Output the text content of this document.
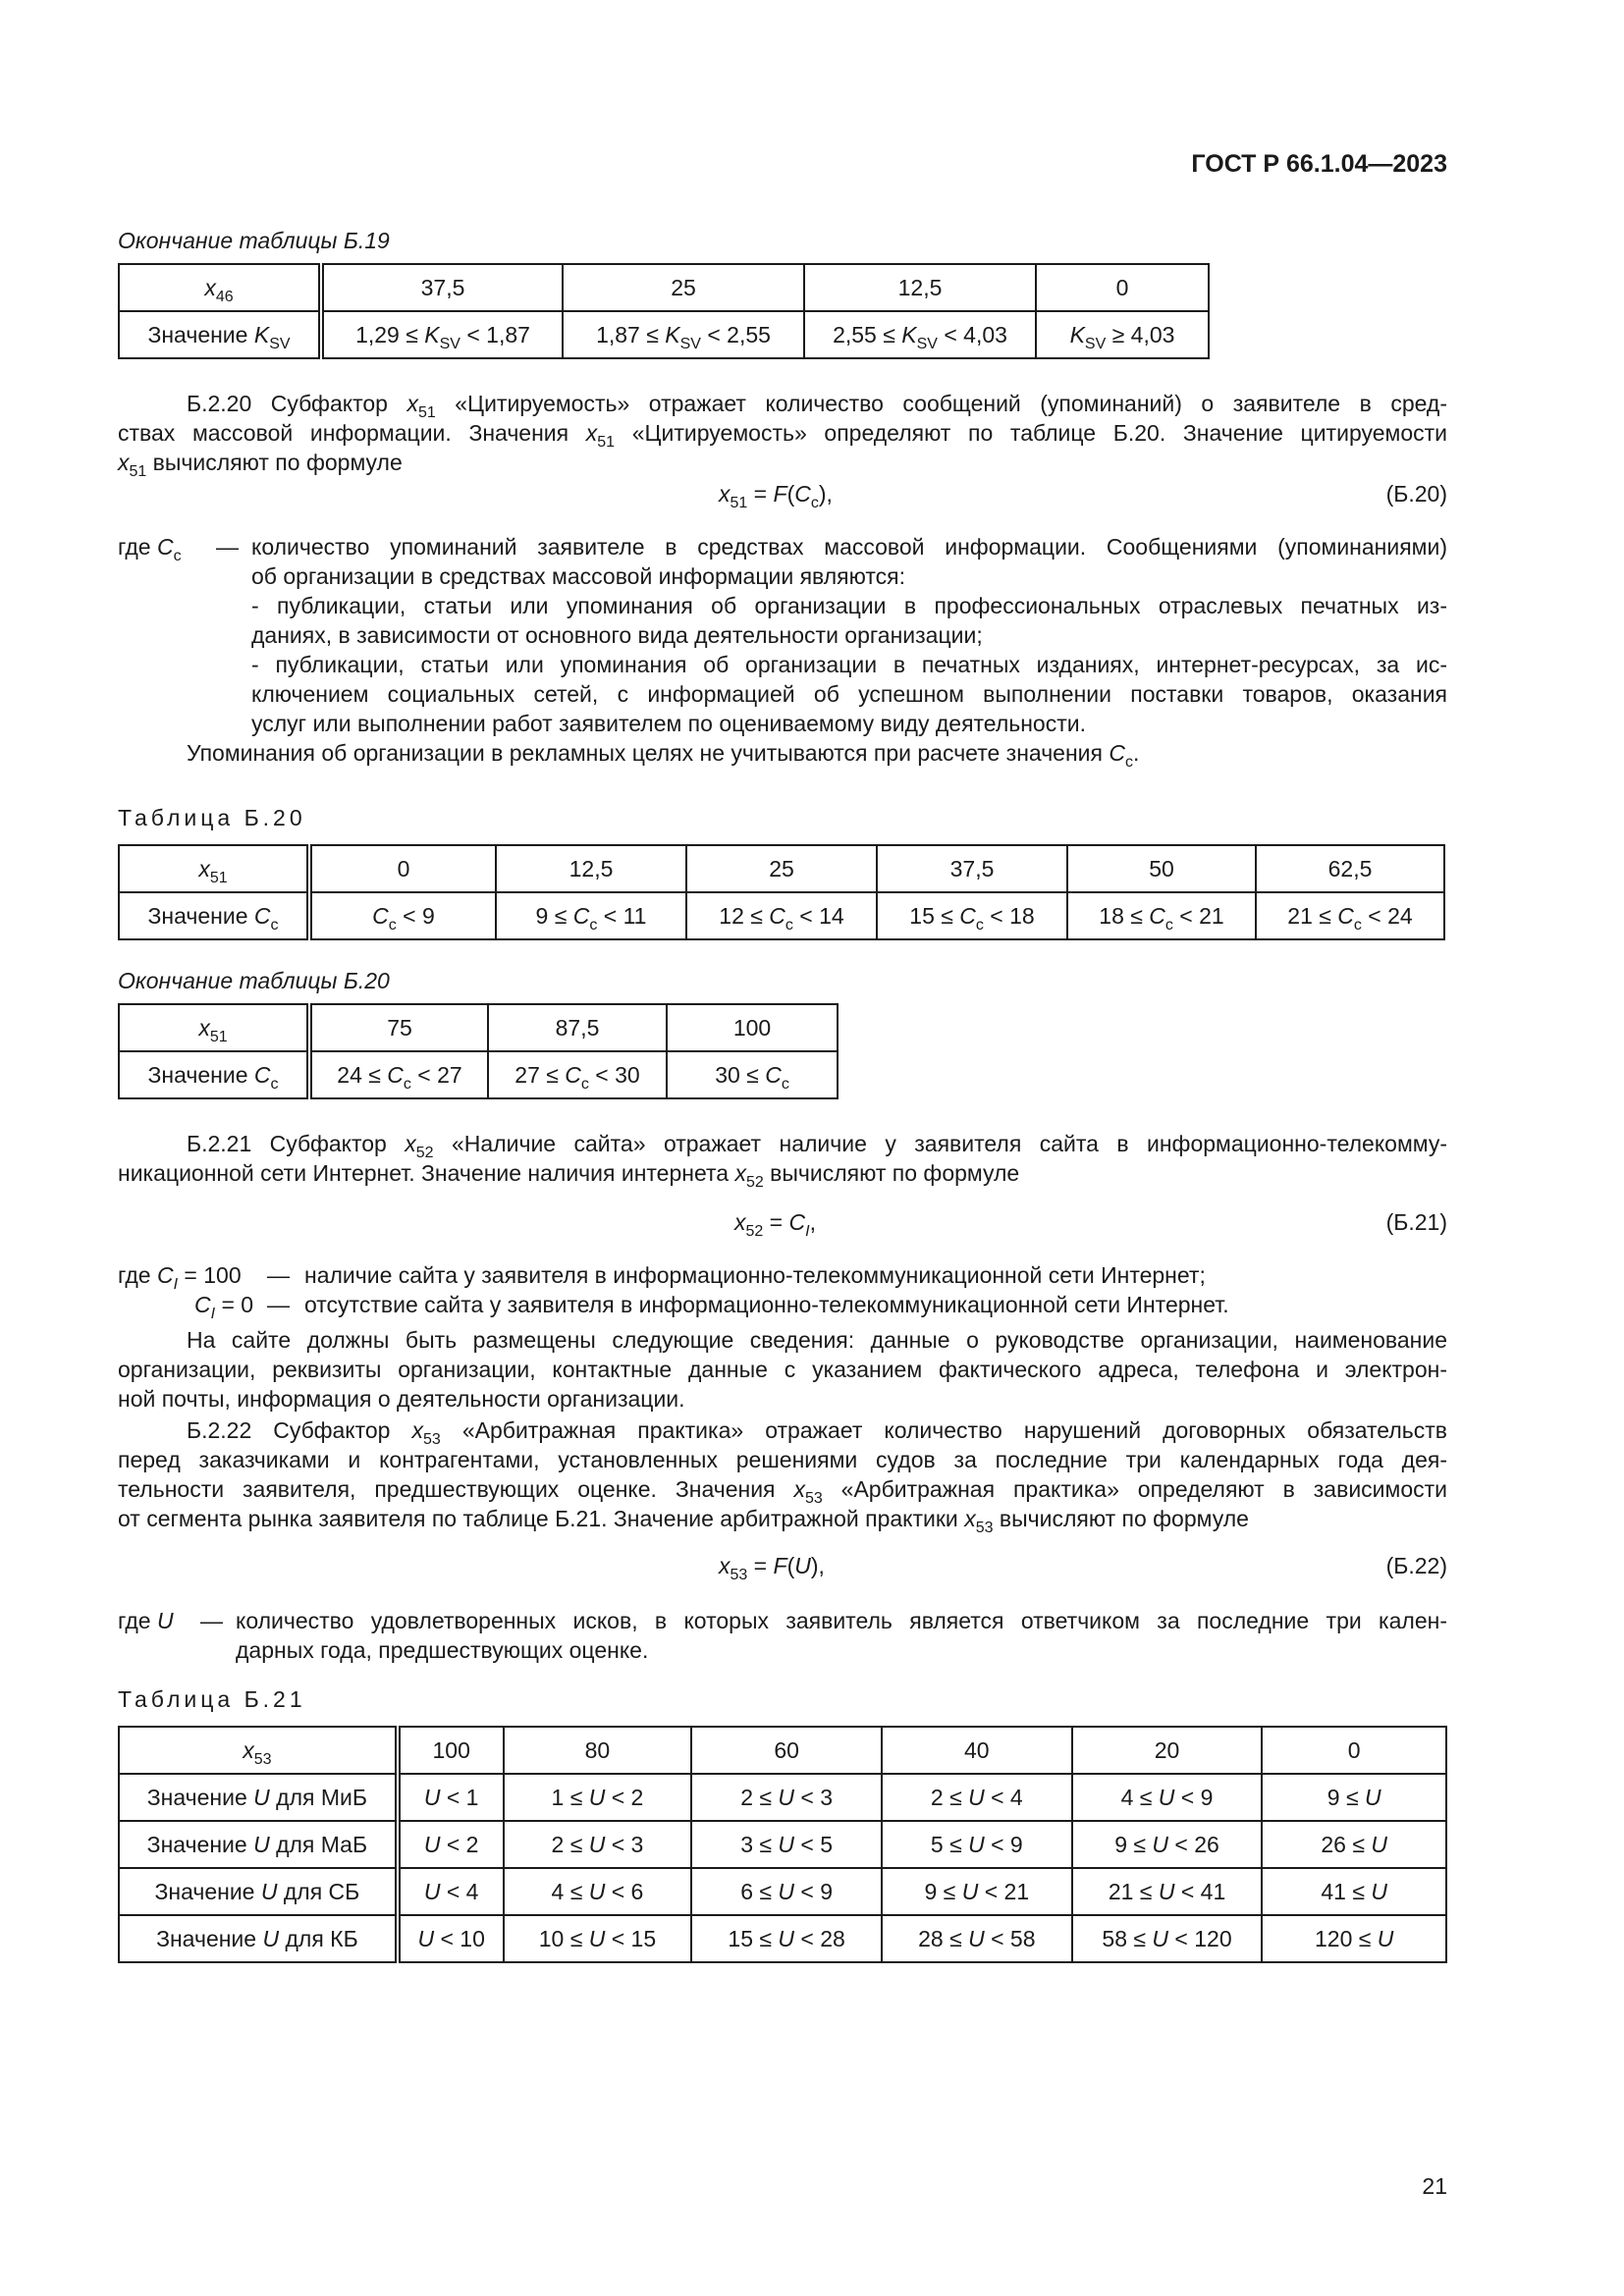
ГОСТ Р 66.1.04—2023
Окончание таблицы Б.19
$x_{46}$	37,5	25	12,5	0
Значение $K_{SV}$	$1,29 \le K_{SV} < 1,87$	$1,87 \le K_{SV} < 2,55$	$2,55 \le K_{SV} < 4,03$	$K_{SV} \ge 4,03$
Б.2.20 Субфактор $x_{51}$ «Цитируемость» отражает количество сообщений (упоминаний) о заявителе в сред-
ствах массовой информации. Значения $x_{51}$ «Цитируемость» определяют по таблице Б.20. Значение цитируемости
$x_{51}$ вычисляют по формуле
$x_{51} = F(C_c)$,	(Б.20)
где $C_c$ — количество упоминаний заявителе в средствах массовой информации. Сообщениями (упоминаниями)
об организации в средствах массовой информации являются:
- публикации, статьи или упоминания об организации в профессиональных отраслевых печатных из-
даниях, в зависимости от основного вида деятельности организации;
- публикации, статьи или упоминания об организации в печатных изданиях, интернет-ресурсах, за ис-
ключением социальных сетей, с информацией об успешном выполнении поставки товаров, оказания
услуг или выполнении работ заявителем по оцениваемому виду деятельности.
Упоминания об организации в рекламных целях не учитываются при расчете значения $C_c$.
Таблица Б.20
$x_{51}$	0	12,5	25	37,5	50	62,5
Значение $C_c$	$C_c < 9$	$9 \le C_c < 11$	$12 \le C_c < 14$	$15 \le C_c < 18$	$18 \le C_c < 21$	$21 \le C_c < 24$
Окончание таблицы Б.20
$x_{51}$	75	87,5	100
Значение $C_c$	$24 \le C_c < 27$	$27 \le C_c < 30$	$30 \le C_c$
Б.2.21 Субфактор $x_{52}$ «Наличие сайта» отражает наличие у заявителя сайта в информационно-телекомму-
никационной сети Интернет. Значение наличия интернета $x_{52}$ вычисляют по формуле
$x_{52} = C_I$,	(Б.21)
где $C_I = 100$ — наличие сайта у заявителя в информационно-телекоммуникационной сети Интернет;
$C_I = 0$ — отсутствие сайта у заявителя в информационно-телекоммуникационной сети Интернет.
На сайте должны быть размещены следующие сведения: данные о руководстве организации, наименование
организации, реквизиты организации, контактные данные с указанием фактического адреса, телефона и электрон-
ной почты, информация о деятельности организации.
Б.2.22 Субфактор $x_{53}$ «Арбитражная практика» отражает количество нарушений договорных обязательств
перед заказчиками и контрагентами, установленных решениями судов за последние три календарных года дея-
тельности заявителя, предшествующих оценке. Значения $x_{53}$ «Арбитражная практика» определяют в зависимости
от сегмента рынка заявителя по таблице Б.21. Значение арбитражной практики $x_{53}$ вычисляют по формуле
$x_{53} = F(U)$,	(Б.22)
где U — количество удовлетворенных исков, в которых заявитель является ответчиком за последние три кален-
дарных года, предшествующих оценке.
Таблица Б.21
$x_{53}$	100	80	60	40	20	0
Значение U для МиБ	U < 1	1 ≤ U < 2	2 ≤ U < 3	2 ≤ U < 4	4 ≤ U < 9	9 ≤ U
Значение U для МаБ	U < 2	2 ≤ U < 3	3 ≤ U < 5	5 ≤ U < 9	9 ≤ U < 26	26 ≤ U
Значение U для СБ	U < 4	4 ≤ U < 6	6 ≤ U < 9	9 ≤ U < 21	21 ≤ U < 41	41 ≤ U
Значение U для КБ	U < 10	10 ≤ U < 15	15 ≤ U < 28	28 ≤ U < 58	58 ≤ U < 120	120 ≤ U
21
